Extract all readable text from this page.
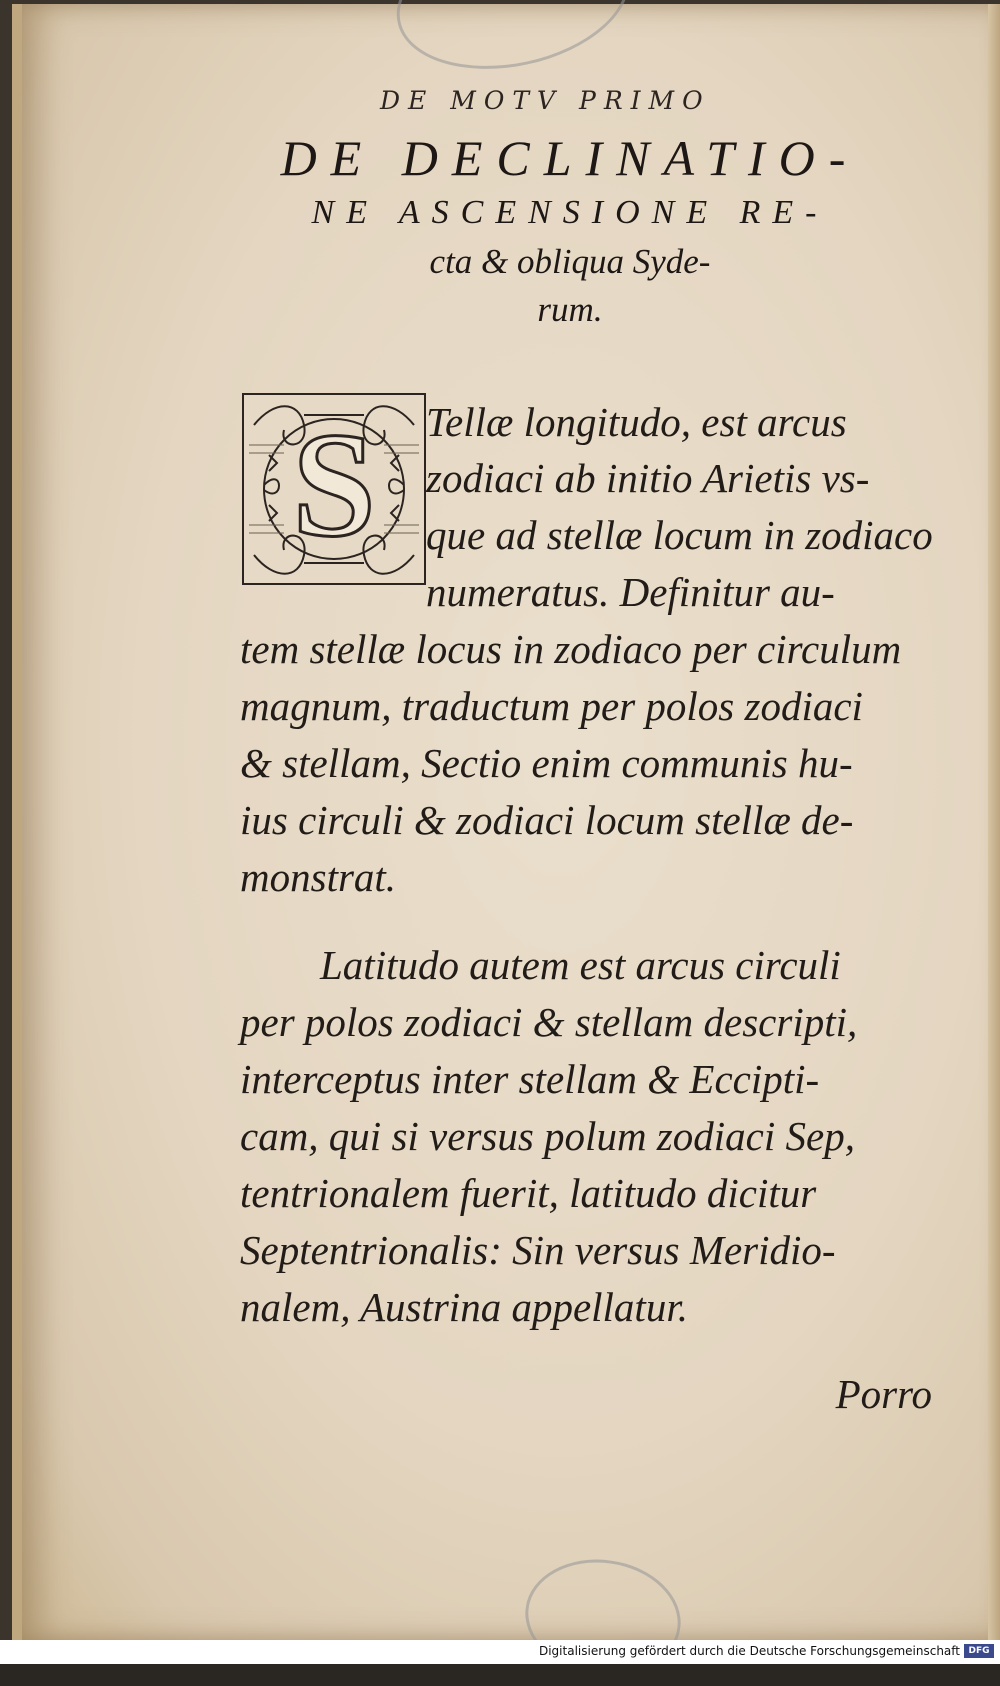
DE MOTV PRIMO
DE DECLINATIO-
NE ASCENSIONE RE-
cta & obliqua Syde-
rum.
S Tellæ longitudo, est arcus
zodiaci ab initio Arietis vs-
que ad stellæ locum in zodiaco
numeratus. Definitur au-
tem stellæ locus in zodiaco per circulum
magnum, traductum per polos zodiaci
& stellam, Sectio enim communis hu-
ius circuli & zodiaci locum stellæ de-
monstrat.
Latitudo autem est arcus circuli
per polos zodiaci & stellam descripti,
interceptus inter stellam & Eccipti-
cam, qui si versus polum zodiaci Sep,
tentrionalem fuerit, latitudo dicitur
Septentrionalis: Sin versus Meridio-
nalem, Austrina appellatur.
Porro
Digitalisierung gefördert durch die Deutsche Forschungsgemeinschaft DFG
